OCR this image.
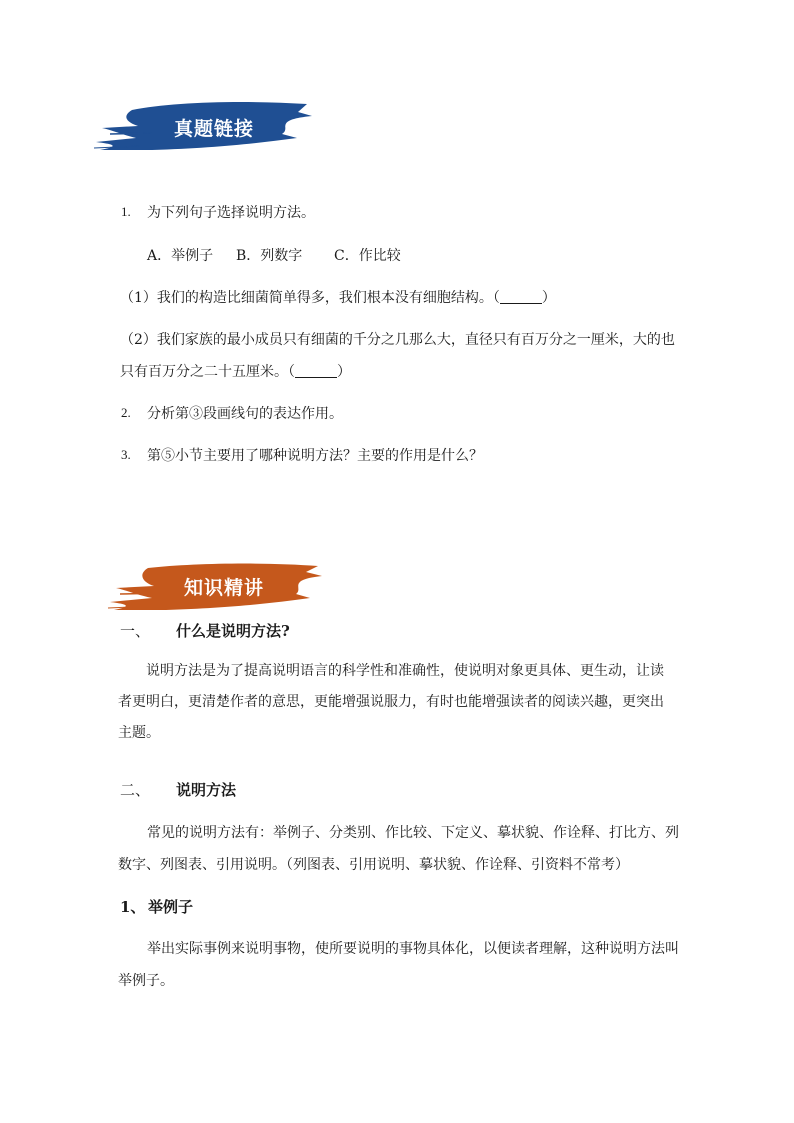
真题链接
1. 为下列句子选择说明方法。
A．举例子 B．列数字 C．作比较
（1）我们的构造比细菌简单得多，我们根本没有细胞结构。（	）
（2）我们家族的最小成员只有细菌的千分之几那么大，直径只有百万分之一厘米，大的也
只有百万分之二十五厘米。（	）
2. 分析第③段画线句的表达作用。
3. 第⑤小节主要用了哪种说明方法？主要的作用是什么？
知识精讲
一、 什么是说明方法?
说明方法是为了提高说明语言的科学性和准确性，使说明对象更具体、更生动，让读者更明白，更清楚作者的意思，更能增强说服力，有时也能增强读者的阅读兴趣，更突出主题。
二、 说明方法
常见的说明方法有：举例子、分类别、作比较、下定义、摹状貌、作诠释、打比方、列
数字、列图表、引用说明。（列图表、引用说明、摹状貌、作诠释、引资料不常考）
1、 举例子
举出实际事例来说明事物，使所要说明的事物具体化，以便读者理解，这种说明方法叫
举例子。
